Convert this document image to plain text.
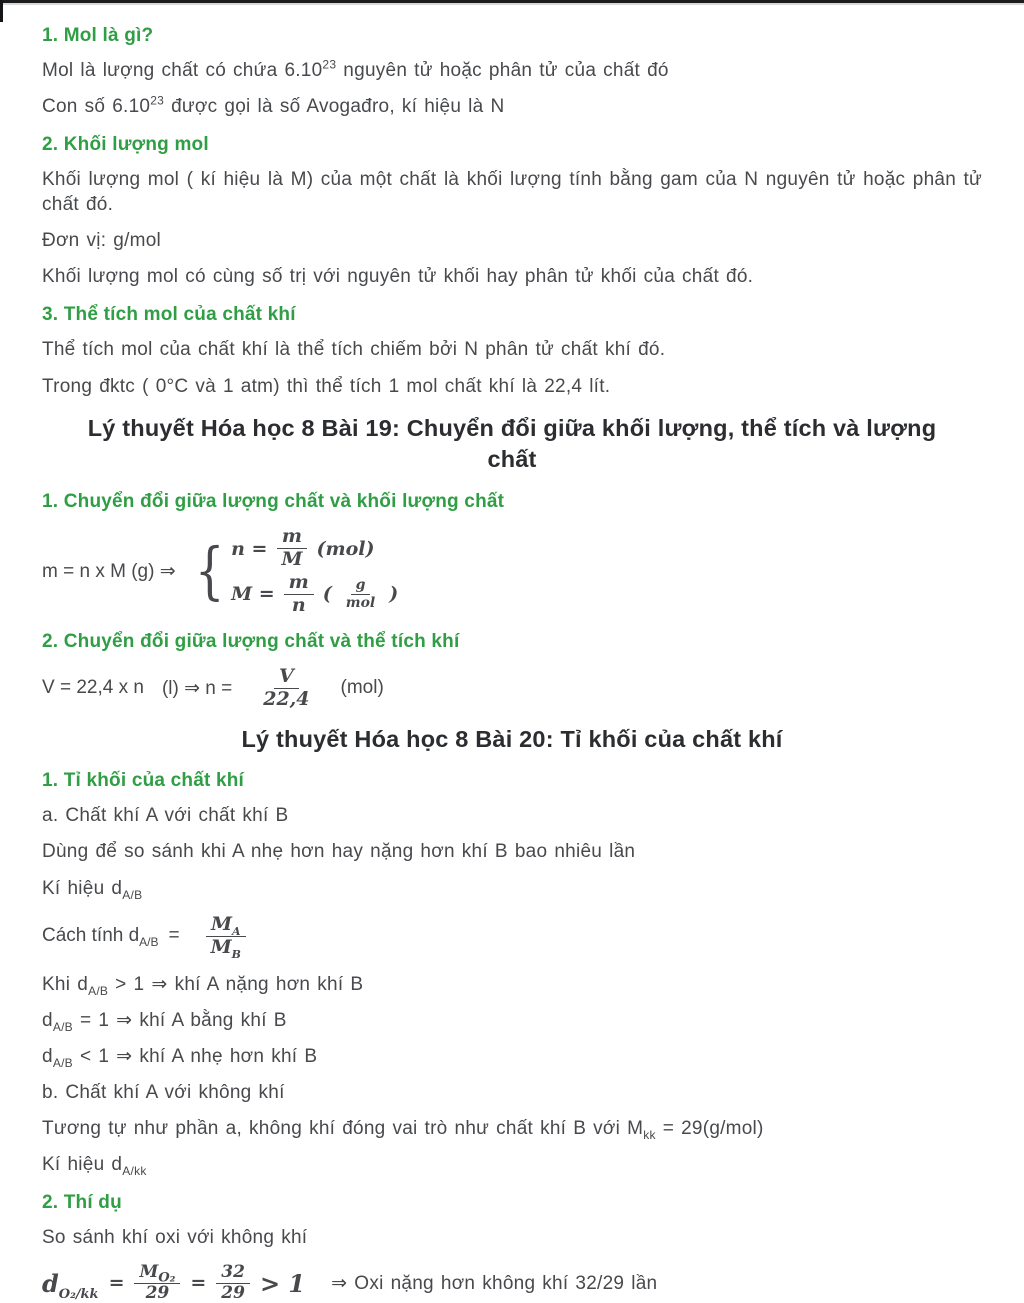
1. Mol là gì?

Mol là lượng chất có chứa 6.10$^{23}$ nguyên tử hoặc phân tử của chất đó

Con số 6.10$^{23}$ được gọi là số Avogađro, kí hiệu là N

2. Khối lượng mol

Khối lượng mol ( kí hiệu là M) của một chất là khối lượng tính bằng gam của N nguyên tử hoặc phân tử chất đó.

Đơn vị: g/mol

Khối lượng mol có cùng số trị với nguyên tử khối hay phân tử khối của chất đó.

3. Thể tích mol của chất khí

Thể tích mol của chất khí là thể tích chiếm bởi N phân tử chất khí đó.

Trong đktc ( 0°C và 1 atm) thì thể tích 1 mol chất khí là 22,4 lít.

Lý thuyết Hóa học 8 Bài 19: Chuyển đổi giữa khối lượng, thể tích và lượng chất
1. Chuyển đổi giữa lượng chất và khối lượng chất
m = n x M (g) ⇒ { $n = \frac{m}{M} (mol)$
$M = \frac{m}{n}$ ( $\frac{g}{\text{mol}}$ )
2. Chuyển đổi giữa lượng chất và thể tích khí
V = 22,4 x n (l) ⇒ $n = \frac{V}{22,4} (mol)$
Lý thuyết Hóa học 8 Bài 20: Tỉ khối của chất khí
1. Tỉ khối của chất khí

a. Chất khí A với chất khí B

Dùng để so sánh khi A nhẹ hơn hay nặng hơn khí B bao nhiêu lần

Kí hiệu $d_{A/B}$

Cách tính $d_{A/B} = \frac{M_A}{M_B}$

Khi $d_{A/B} > 1$ ⇒ khí A nặng hơn khí B

$d_{A/B} = 1$ ⇒ khí A bằng khí B

$d_{A/B} < 1$ ⇒ khí A nhẹ hơn khí B

b. Chất khí A với không khí

Tương tự như phần a, không khí đóng vai trò như chất khí B với $M_{kk} = 29(g/mol)$

Kí hiệu $d_{A/kk}$

2. Thí dụ

So sánh khí oxi với không khí

$d_{O_2/kk} = \frac{M_{O_2}}{29} = \frac{32}{29} > 1$ ⇒ Oxi nặng hơn không khí 32/29 lần
